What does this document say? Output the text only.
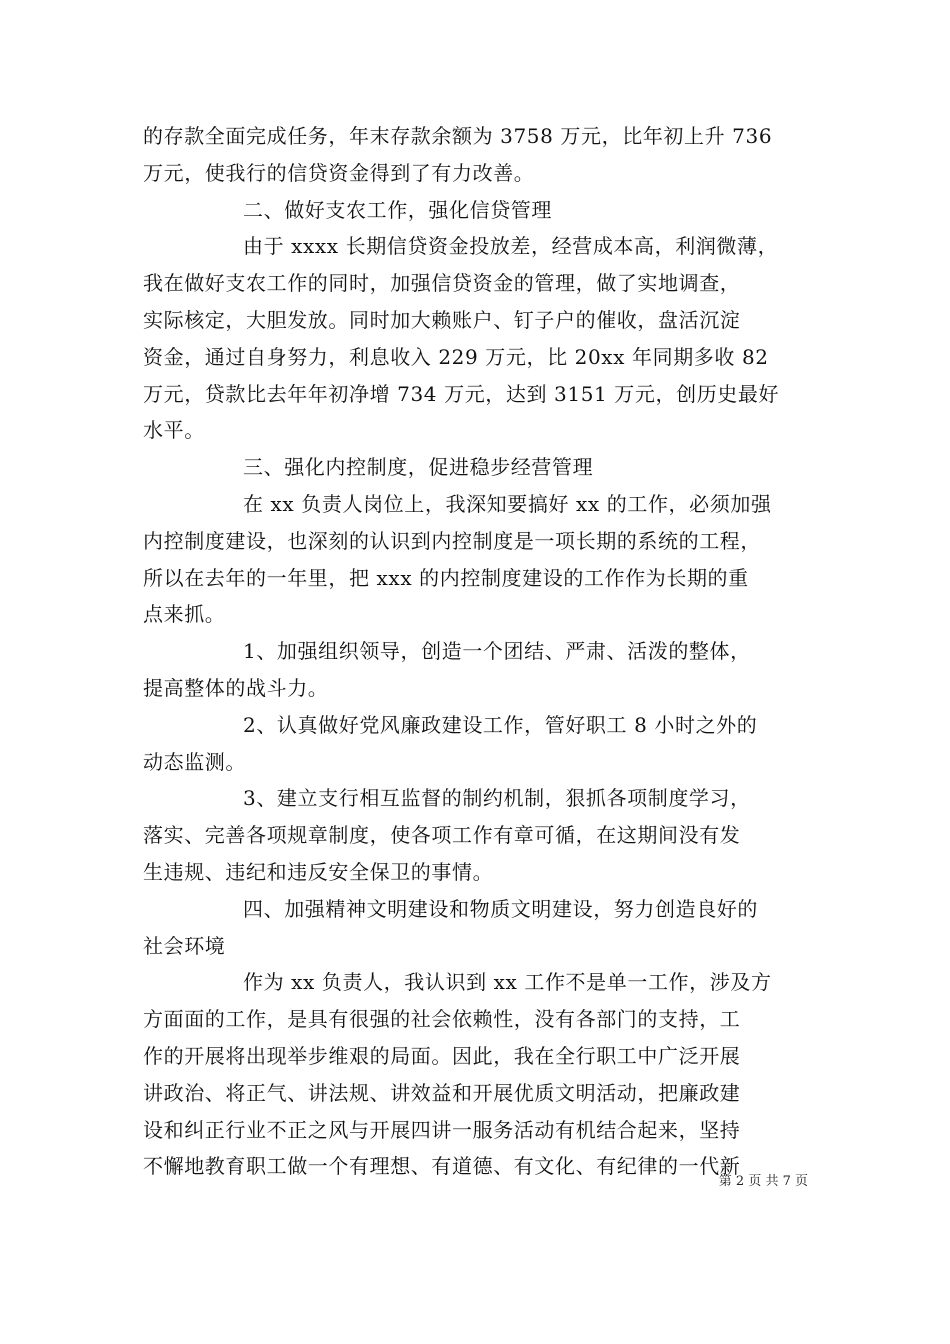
的存款全面完成任务，年末存款余额为 3758 万元，比年初上升 736
万元，使我行的信贷资金得到了有力改善。
二、做好支农工作，强化信贷管理
由于 xxxx 长期信贷资金投放差，经营成本高，利润微薄，
我在做好支农工作的同时，加强信贷资金的管理，做了实地调查，
实际核定，大胆发放。同时加大赖账户、钉子户的催收，盘活沉淀
资金，通过自身努力，利息收入 229 万元，比 20xx 年同期多收 82
万元，贷款比去年年初净增 734 万元，达到 3151 万元，创历史最好
水平。
三、强化内控制度，促进稳步经营管理
在 xx 负责人岗位上，我深知要搞好 xx 的工作，必须加强
内控制度建设，也深刻的认识到内控制度是一项长期的系统的工程，
所以在去年的一年里，把 xxx 的内控制度建设的工作作为长期的重
点来抓。
1、加强组织领导，创造一个团结、严肃、活泼的整体，
提高整体的战斗力。
2、认真做好党风廉政建设工作，管好职工 8 小时之外的
动态监测。
3、建立支行相互监督的制约机制，狠抓各项制度学习，
落实、完善各项规章制度，使各项工作有章可循，在这期间没有发
生违规、违纪和违反安全保卫的事情。
四、加强精神文明建设和物质文明建设，努力创造良好的
社会环境
作为 xx 负责人，我认识到 xx 工作不是单一工作，涉及方
方面面的工作，是具有很强的社会依赖性，没有各部门的支持，工
作的开展将出现举步维艰的局面。因此，我在全行职工中广泛开展
讲政治、将正气、讲法规、讲效益和开展优质文明活动，把廉政建
设和纠正行业不正之风与开展四讲一服务活动有机结合起来，坚持
不懈地教育职工做一个有理想、有道德、有文化、有纪律的一代新
第 2 页 共 7 页
